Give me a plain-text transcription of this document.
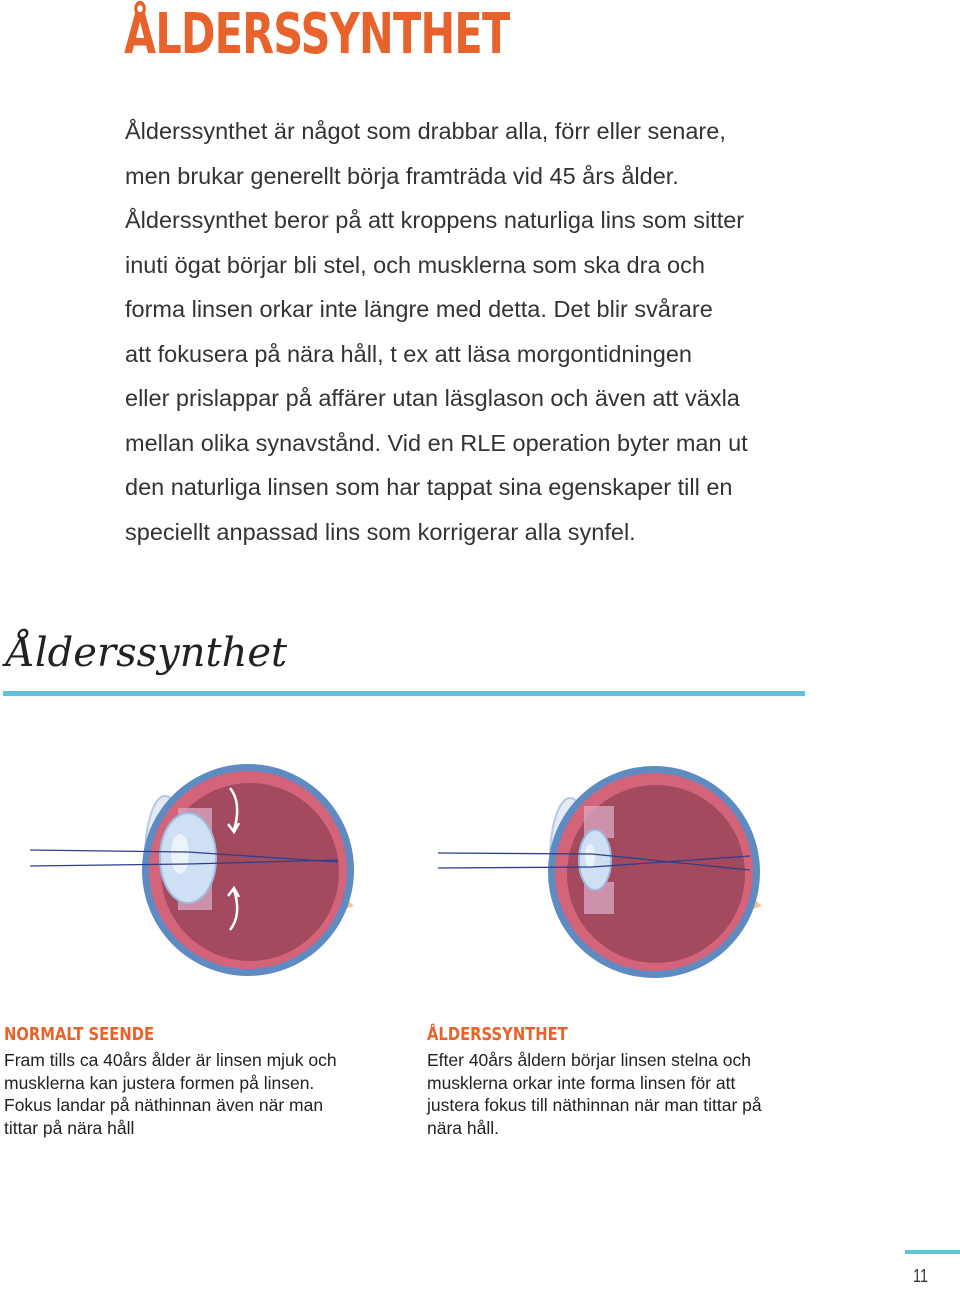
ÅLDERSSYNTHET
Ålderssynthet är något som drabbar alla, förr eller senare,
men brukar generellt börja framträda vid 45 års ålder.
Ålderssynthet beror på att kroppens naturliga lins som sitter
inuti ögat börjar bli stel, och musklerna som ska dra och
forma linsen orkar inte längre med detta. Det blir svårare
att fokusera på nära håll, t ex att läsa morgontidningen
eller prislappar på affärer utan läsglason och även att växla
mellan olika synavstånd. Vid en RLE operation byter man ut
den naturliga linsen som har tappat sina egenskaper till en
speciellt anpassad lins som korrigerar alla synfel.
Ålderssynthet
NORMALT SEENDE

Fram tills ca 40års ålder är linsen mjuk och
musklerna kan justera formen på linsen.
Fokus landar på näthinnan även när man
tittar på nära håll

ÅLDERSSYNTHET

Efter 40års åldern börjar linsen stelna och
musklerna orkar inte forma linsen för att
justera fokus till näthinnan när man tittar på
nära håll.

11
